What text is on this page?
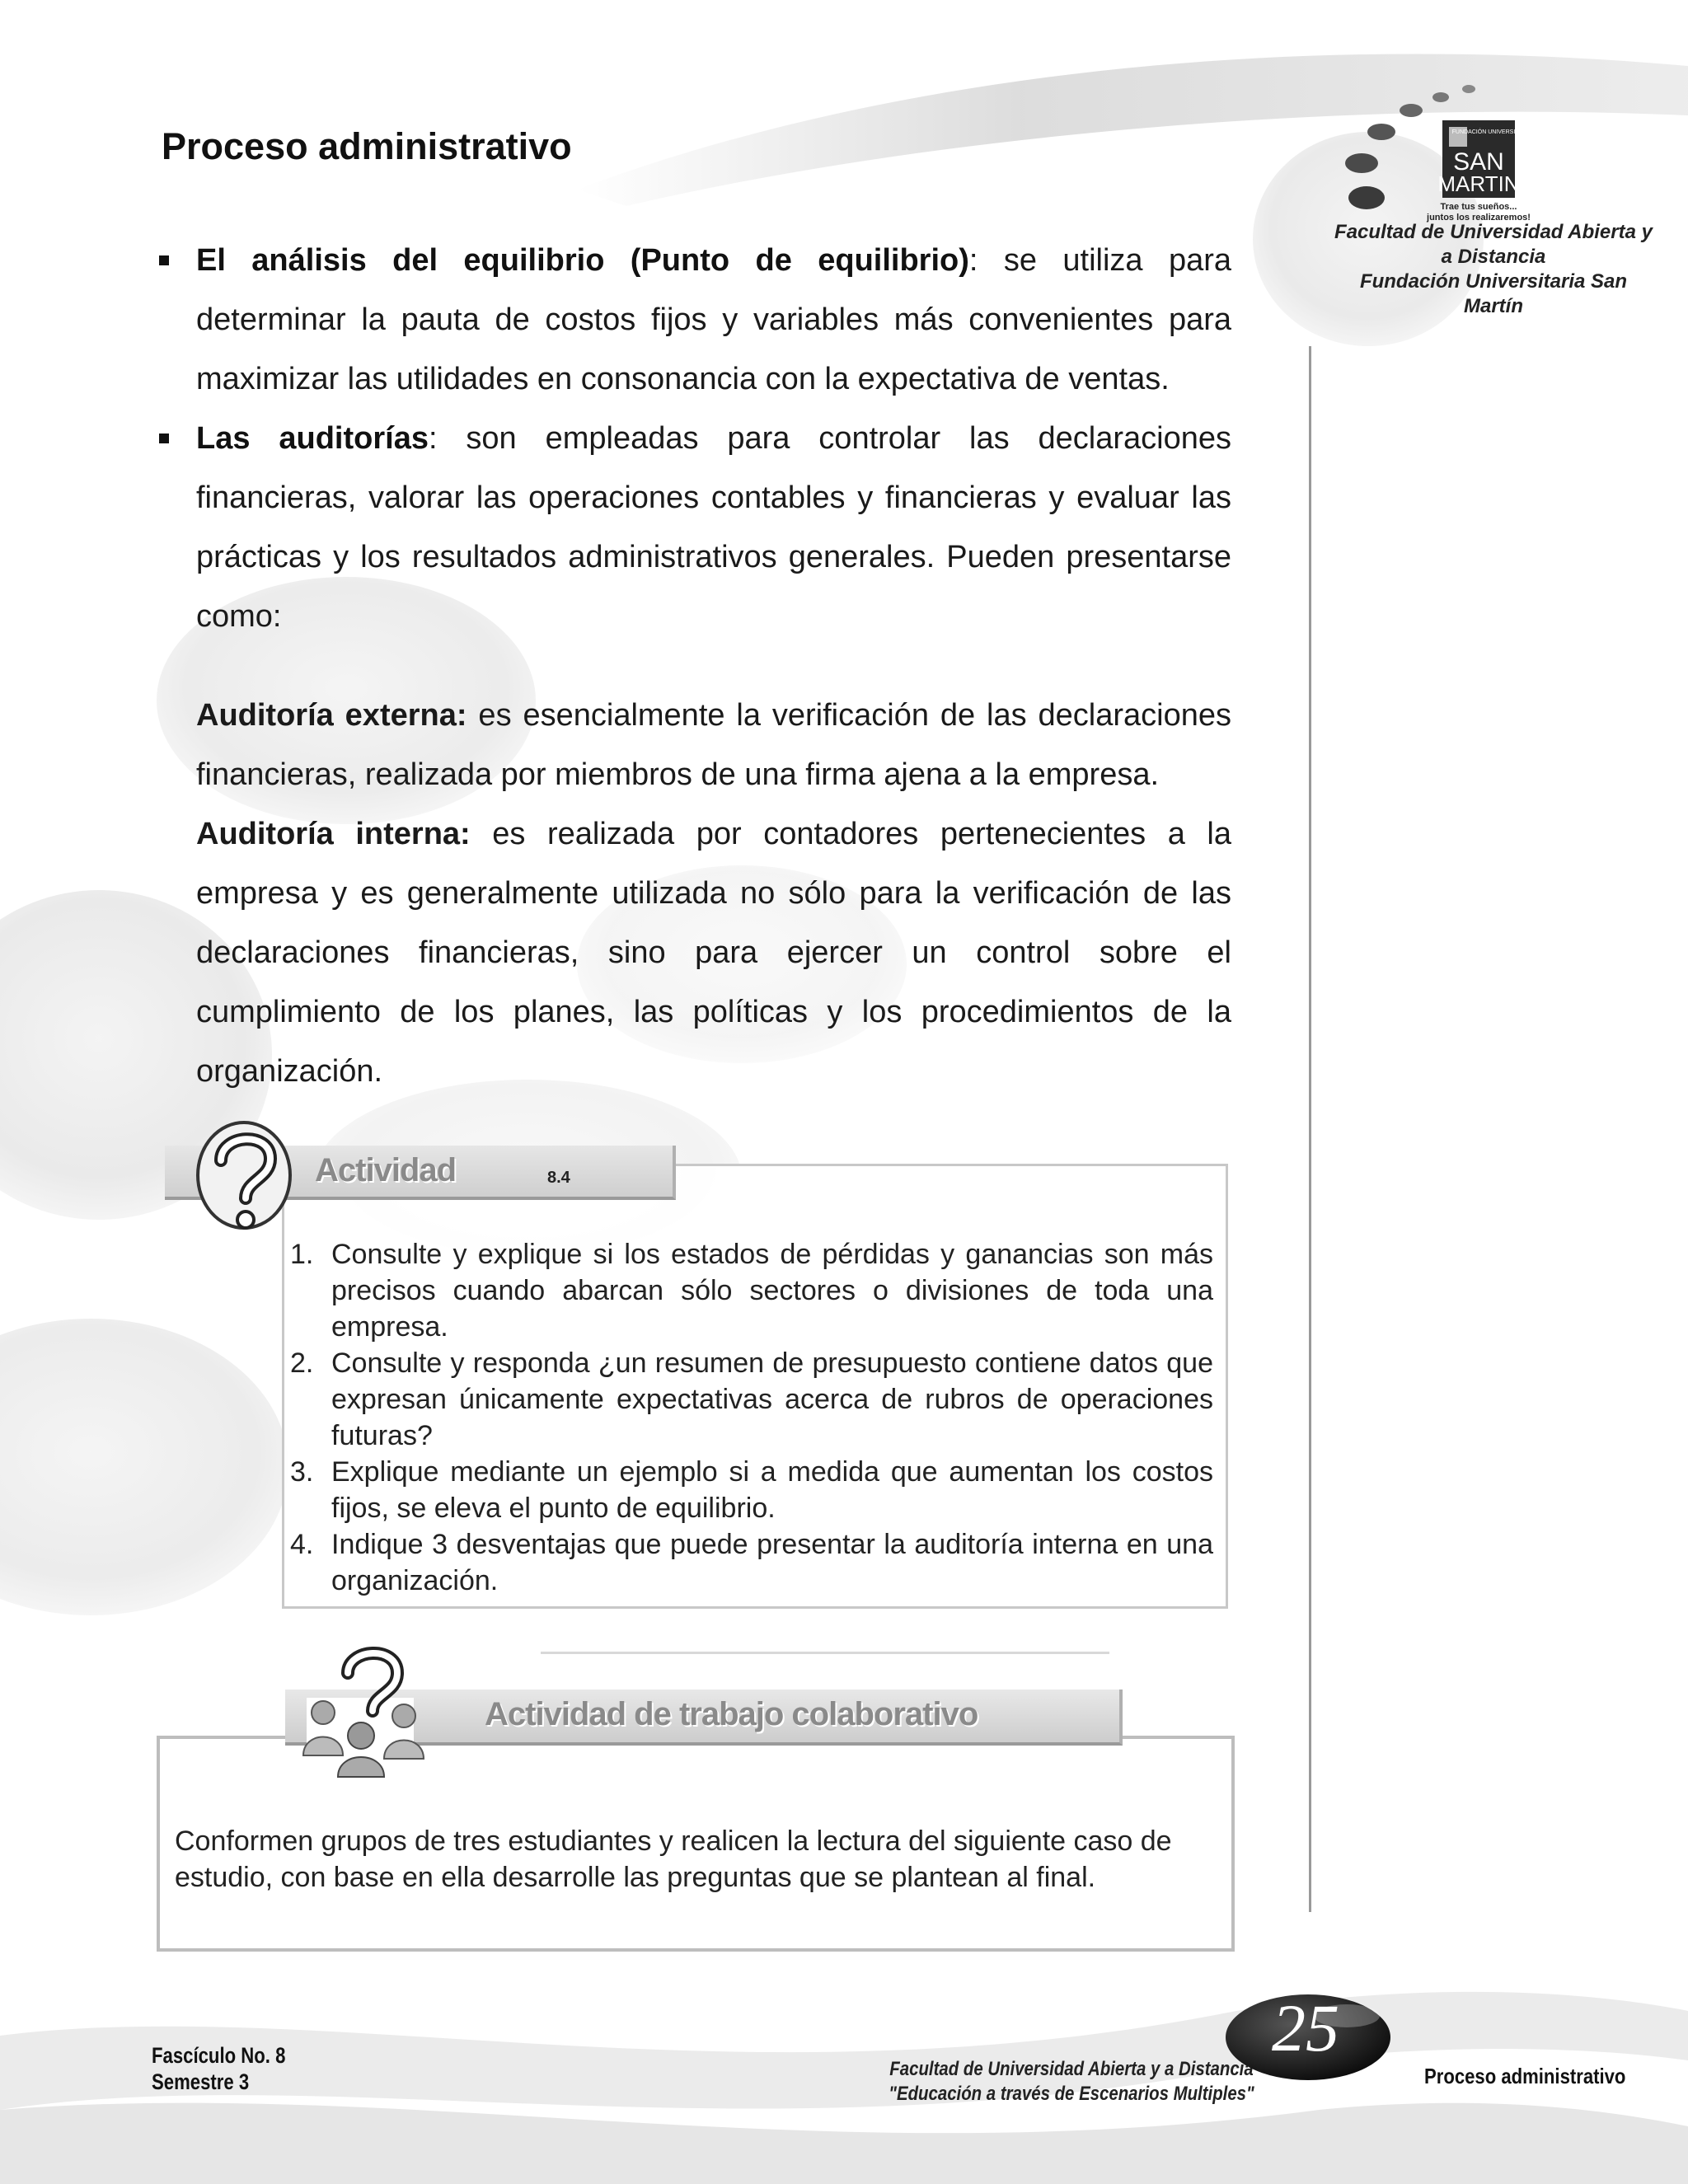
Proceso administrativo	FUNDACIÓN UNIVERSITARIA
SAN
MARTIN
Trae tus sueños...
juntos los realizaremos!
Facultad de Universidad Abierta y a Distancia
Fundación Universitaria San Martín
El análisis del equilibrio (Punto de equilibrio): se utiliza para determinar la pauta de costos fijos y variables más convenientes para maximizar las utilidades en consonancia con la expectativa de ventas.
Las auditorías: son empleadas para controlar las declaraciones financieras, valorar las operaciones contables y financieras y evaluar las prácticas y los resultados administrativos generales. Pueden presentarse como:
Auditoría externa: es esencialmente la verificación de las declaraciones financieras, realizada por miembros de una firma ajena a la empresa.
Auditoría interna: es realizada por contadores pertenecientes a la empresa y es generalmente utilizada no sólo para la verificación de las declaraciones financieras, sino para ejercer un control sobre el cumplimiento de los planes, las políticas y los procedimientos de la organización.
Actividad	8.4
1. Consulte y explique si los estados de pérdidas y ganancias son más precisos cuando abarcan sólo sectores o divisiones de toda una empresa.
2. Consulte y responda ¿un resumen de presupuesto contiene datos que expresan únicamente expectativas acerca de rubros de operaciones futuras?
3. Explique mediante un ejemplo si a medida que aumentan los costos fijos, se eleva el punto de equilibrio.
4. Indique 3 desventajas que puede presentar la auditoría interna en una organización.
Actividad de trabajo colaborativo
Conformen grupos de tres estudiantes y realicen la lectura del siguiente caso de estudio, con base en ella desarrolle las preguntas que se plantean al final.
Fascículo No. 8
Semestre 3
Facultad de Universidad Abierta y a Distancia
"Educación a través de Escenarios Multiples"
25
Proceso administrativo
